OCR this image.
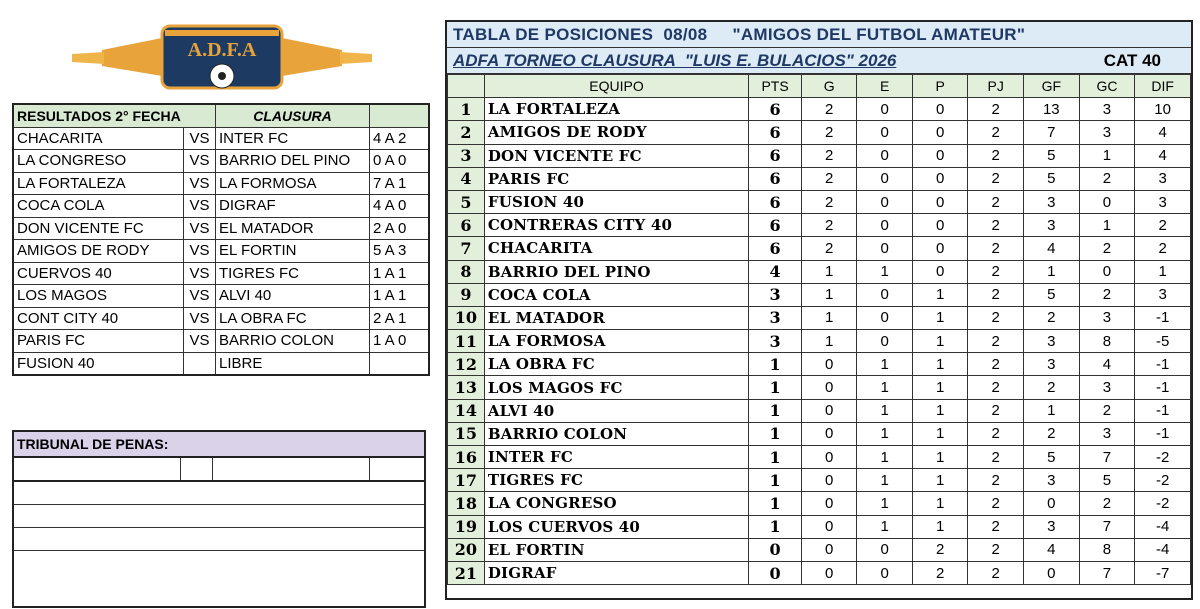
A.D.F.A
RESULTADOS 2° FECHA		CLAUSURA	
CHACARITA	VS	INTER FC	4 A 2
LA CONGRESO	VS	BARRIO DEL PINO	0 A 0
LA FORTALEZA	VS	LA FORMOSA	7 A 1
COCA COLA	VS	DIGRAF	4 A 0
DON VICENTE FC	VS	EL MATADOR	2 A 0
AMIGOS DE RODY	VS	EL FORTIN	5 A 3
CUERVOS 40	VS	TIGRES FC	1 A 1
LOS MAGOS	VS	ALVI 40	1 A 1
CONT CITY 40	VS	LA OBRA FC	2 A 1
PARIS FC	VS	BARRIO COLON	1 A 0
FUSION 40		LIBRE	
TRIBUNAL DE PENAS:
TABLA DE POSICIONES  08/08     "AMIGOS DEL FUTBOL AMATEUR"
ADFA TORNEO CLAUSURA  "LUIS E. BULACIOS" 2026	CAT 40
	EQUIPO	PTS	G	E	P	PJ	GF	GC	DIF
1	LA FORTALEZA	6	2	0	0	2	13	3	10
2	AMIGOS DE RODY	6	2	0	0	2	7	3	4
3	DON VICENTE FC	6	2	0	0	2	5	1	4
4	PARIS FC	6	2	0	0	2	5	2	3
5	FUSION 40	6	2	0	0	2	3	0	3
6	CONTRERAS CITY 40	6	2	0	0	2	3	1	2
7	CHACARITA	6	2	0	0	2	4	2	2
8	BARRIO DEL PINO	4	1	1	0	2	1	0	1
9	COCA COLA	3	1	0	1	2	5	2	3
10	EL MATADOR	3	1	0	1	2	2	3	-1
11	LA FORMOSA	3	1	0	1	2	3	8	-5
12	LA OBRA FC	1	0	1	1	2	3	4	-1
13	LOS MAGOS FC	1	0	1	1	2	2	3	-1
14	ALVI 40	1	0	1	1	2	1	2	-1
15	BARRIO COLON	1	0	1	1	2	2	3	-1
16	INTER FC	1	0	1	1	2	5	7	-2
17	TIGRES FC	1	0	1	1	2	3	5	-2
18	LA CONGRESO	1	0	1	1	2	0	2	-2
19	LOS CUERVOS 40	1	0	1	1	2	3	7	-4
20	EL FORTIN	0	0	0	2	2	4	8	-4
21	DIGRAF	0	0	0	2	2	0	7	-7
